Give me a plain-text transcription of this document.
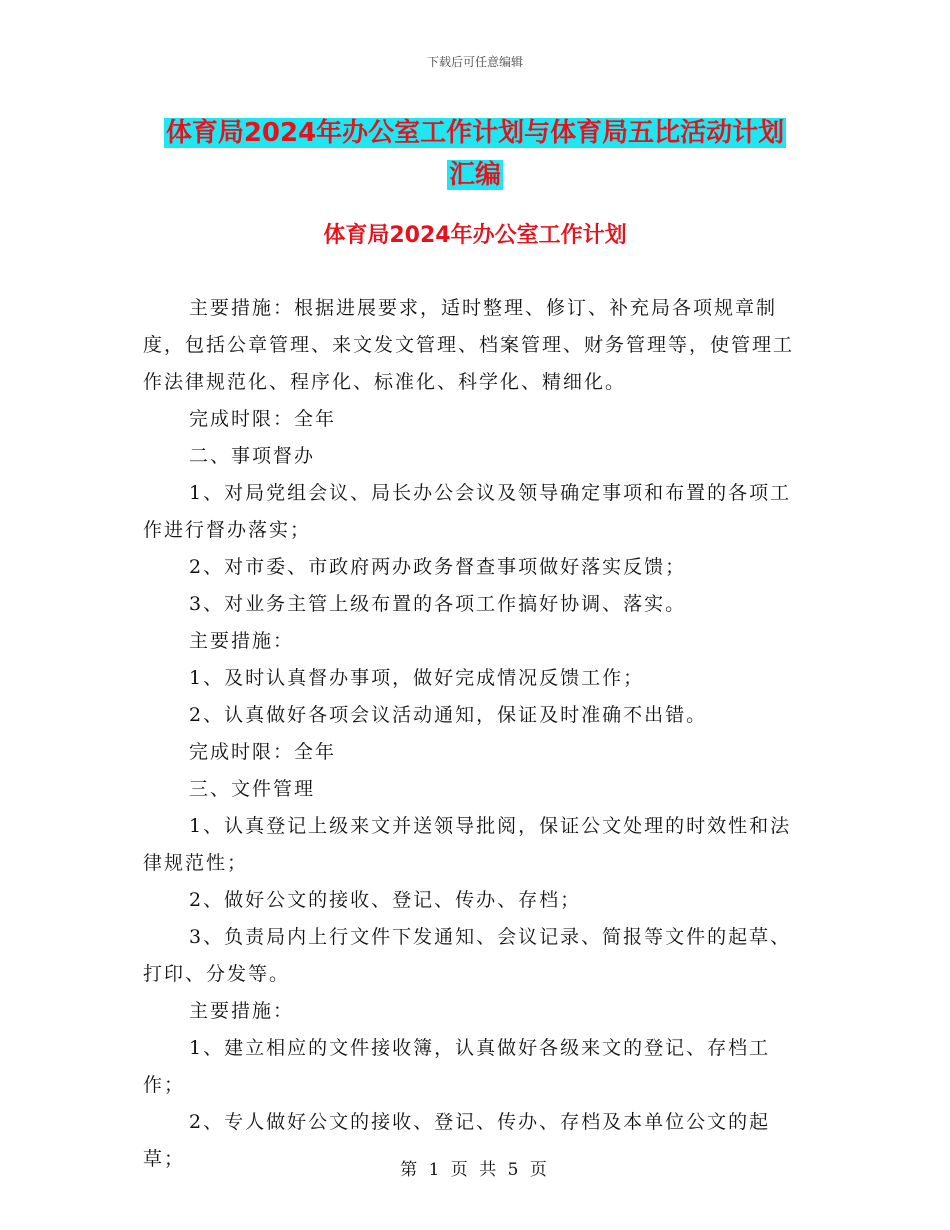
下载后可任意编辑
体育局2024年办公室工作计划与体育局五比活动计划
汇编
体育局2024年办公室工作计划

主要措施：根据进展要求，适时整理、修订、补充局各项规章制度，包括公章管理、来文发文管理、档案管理、财务管理等，使管理工作法律规范化、程序化、标准化、科学化、精细化。

完成时限：全年

二、事项督办

1、对局党组会议、局长办公会议及领导确定事项和布置的各项工作进行督办落实；

2、对市委、市政府两办政务督查事项做好落实反馈；

3、对业务主管上级布置的各项工作搞好协调、落实。

主要措施：

1、及时认真督办事项，做好完成情况反馈工作；

2、认真做好各项会议活动通知，保证及时准确不出错。

完成时限：全年

三、文件管理

1、认真登记上级来文并送领导批阅，保证公文处理的时效性和法律规范性；

2、做好公文的接收、登记、传办、存档；

3、负责局内上行文件下发通知、会议记录、简报等文件的起草、打印、分发等。

主要措施：

1、建立相应的文件接收簿，认真做好各级来文的登记、存档工作；

2、专人做好公文的接收、登记、传办、存档及本单位公文的起草；	第 1 页 共 5 页
